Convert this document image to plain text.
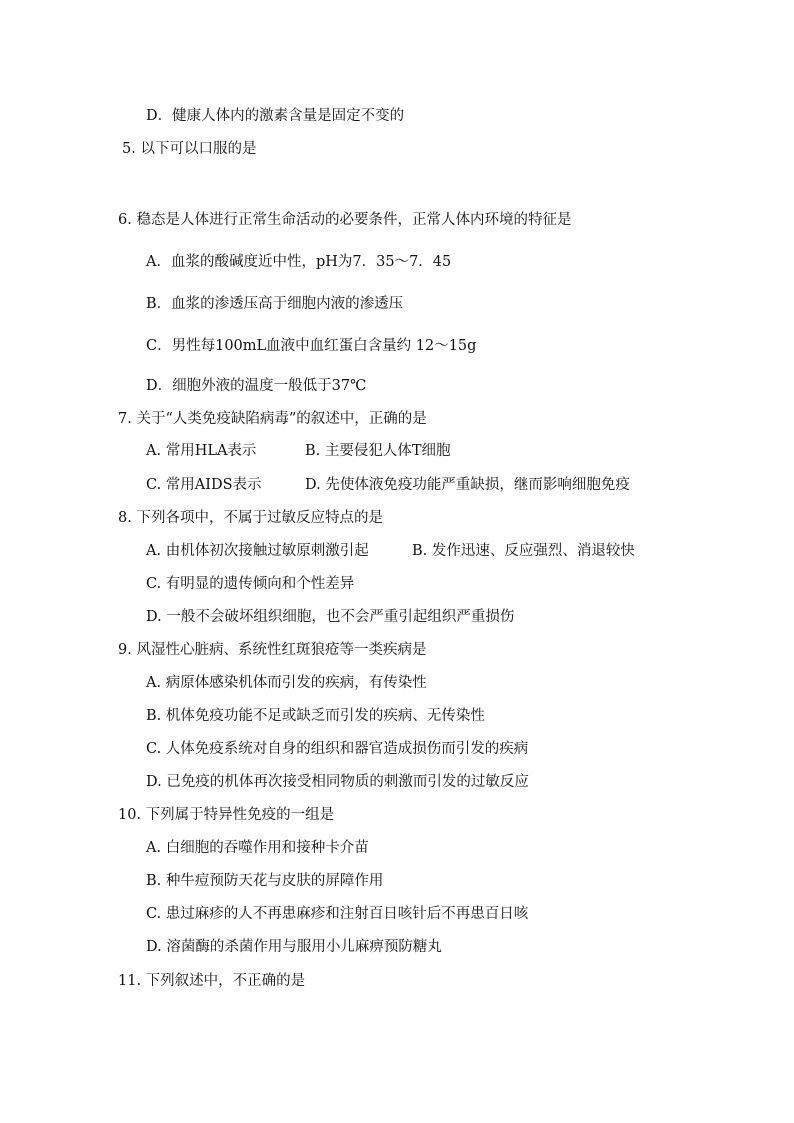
D．健康人体内的激素含量是固定不变的
5. 以下可以口服的是
6. 稳态是人体进行正常生命活动的必要条件，正常人体内环境的特征是
A．血浆的酸碱度近中性，pH为7．35～7．45
B．血浆的渗透压高于细胞内液的渗透压
C．男性每100mL血液中血红蛋白含量约 12～15g
D．细胞外液的温度一般低于37℃
7. 关于“人类免疫缺陷病毒”的叙述中，正确的是
A. 常用HLA表示	B. 主要侵犯人体T细胞
C. 常用AIDS表示	D. 先使体液免疫功能严重缺损，继而影响细胞免疫
8. 下列各项中，不属于过敏反应特点的是
A. 由机体初次接触过敏原刺激引起	B. 发作迅速、反应强烈、消退较快
C. 有明显的遗传倾向和个性差异
D. 一般不会破坏组织细胞，也不会严重引起组织严重损伤
9. 风湿性心脏病、系统性红斑狼疮等一类疾病是
A. 病原体感染机体而引发的疾病，有传染性
B. 机体免疫功能不足或缺乏而引发的疾病、无传染性
C. 人体免疫系统对自身的组织和器官造成损伤而引发的疾病
D. 已免疫的机体再次接受相同物质的刺激而引发的过敏反应
10. 下列属于特异性免疫的一组是
A. 白细胞的吞噬作用和接种卡介苗
B. 种牛痘预防天花与皮肤的屏障作用
C. 患过麻疹的人不再患麻疹和注射百日咳针后不再患百日咳
D. 溶菌酶的杀菌作用与服用小儿麻痹预防糖丸
11. 下列叙述中，不正确的是
